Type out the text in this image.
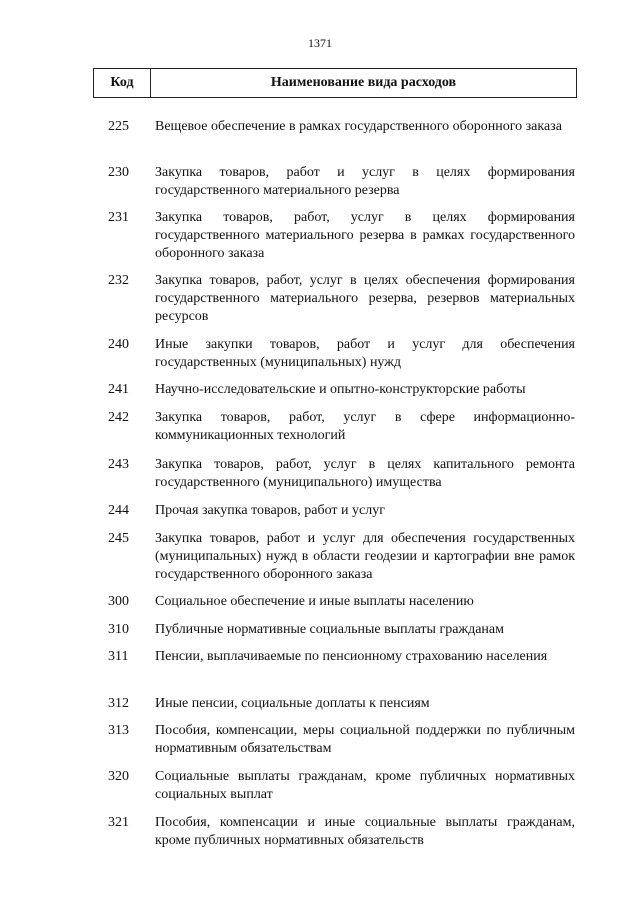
1371
Код	Наименование вида расходов
225	Вещевое обеспечение в рамках государственного оборонного заказа
230	Закупка товаров, работ и услуг в целях формирования государственного материального резерва
231	Закупка товаров, работ, услуг в целях формирования государственного материального резерва в рамках государственного оборонного заказа
232	Закупка товаров, работ, услуг в целях обеспечения формирования государственного материального резерва, резервов материальных ресурсов
240	Иные закупки товаров, работ и услуг для обеспечения государственных (муниципальных) нужд
241	Научно-исследовательские и опытно-конструкторские работы
242	Закупка товаров, работ, услуг в сфере информационно-коммуникационных технологий
243	Закупка товаров, работ, услуг в целях капитального ремонта государственного (муниципального) имущества
244	Прочая закупка товаров, работ и услуг
245	Закупка товаров, работ и услуг для обеспечения государственных (муниципальных) нужд в области геодезии и картографии вне рамок государственного оборонного заказа
300	Социальное обеспечение и иные выплаты населению
310	Публичные нормативные социальные выплаты гражданам
311	Пенсии, выплачиваемые по пенсионному страхованию населения
312	Иные пенсии, социальные доплаты к пенсиям
313	Пособия, компенсации, меры социальной поддержки по публичным нормативным обязательствам
320	Социальные выплаты гражданам, кроме публичных нормативных социальных выплат
321	Пособия, компенсации и иные социальные выплаты гражданам, кроме публичных нормативных обязательств
